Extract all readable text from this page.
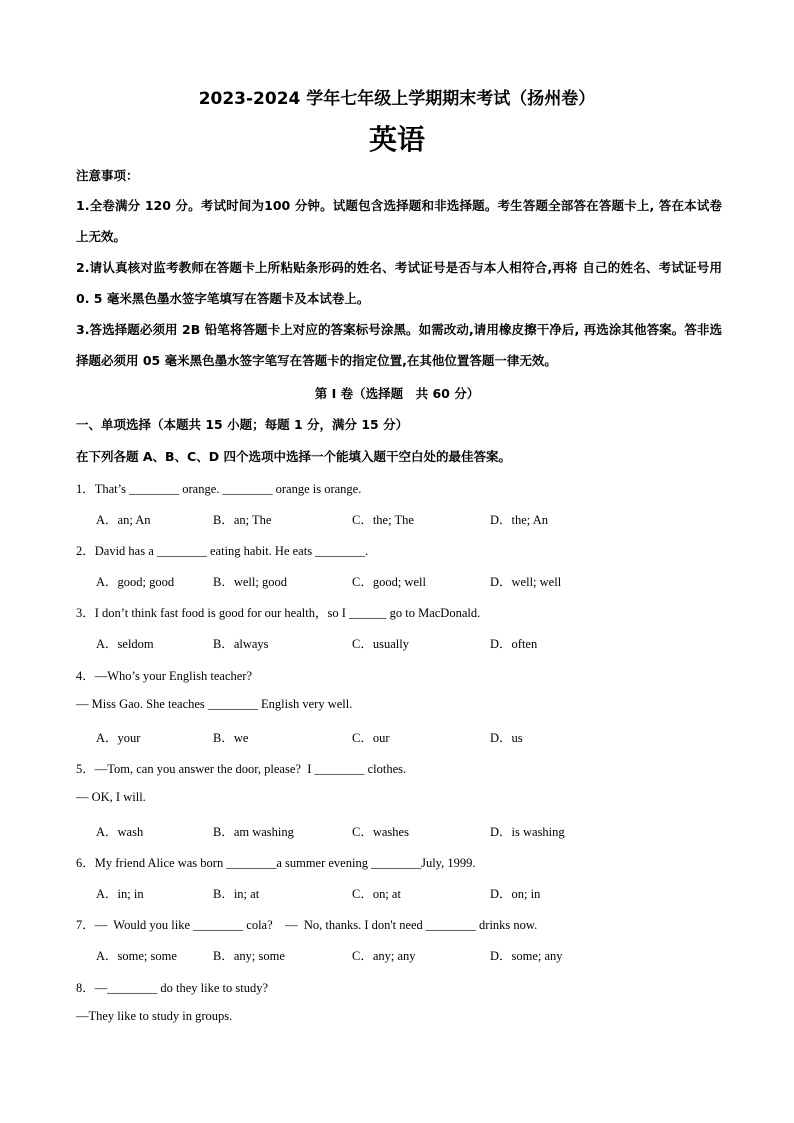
2023-2024 学年七年级上学期期末考试（扬州卷）
英语
注意事项：
1.全卷满分 120 分。考试时间为100 分钟。试题包含选择题和非选择题。考生答题全部答在答题卡上, 答在本试卷上无效。
2.请认真核对监考教师在答题卡上所粘贴条形码的姓名、考试证号是否与本人相符合,再将 自己的姓名、考试证号用 0. 5 毫米黑色墨水签字笔填写在答题卡及本试卷上。
3.答选择题必须用 2B 铅笔将答题卡上对应的答案标号涂黑。如需改动,请用橡皮擦干净后, 再选涂其他答案。答非选择题必须用 05 毫米黑色墨水签字笔写在答题卡的指定位置,在其他位置答题一律无效。
第 I 卷（选择题　共 60 分）
一、单项选择（本题共 15 小题；每题 1 分，满分 15 分）
在下列各题 A、B、C、D 四个选项中选择一个能填入题干空白处的最佳答案。
1．That’s ________ orange. ________ orange is orange.
A．an; An	B．an; The	C．the; The	D．the; An
2．David has a ________ eating habit. He eats ________.
A．good; good	B．well; good	C．good; well	D．well; well
3．I don’t think fast food is good for our health，so I ______ go to MacDonald.
A．seldom	B．always	C．usually	D．often
4．—Who’s your English teacher?
— Miss Gao. She teaches ________ English very well.
A．your	B．we	C．our	D．us
5．—Tom, can you answer the door, please?  I ________ clothes.
— OK, I will.
A．wash	B．am washing	C．washes	D．is washing
6．My friend Alice was born ________a summer evening ________July, 1999.
A．in; in	B．in; at	C．on; at	D．on; in
7．—  Would you like ________ cola?    —  No, thanks. I don't need ________ drinks now.
A．some; some	B．any; some	C．any; any	D．some; any
8．—________ do they like to study?
—They like to study in groups.
